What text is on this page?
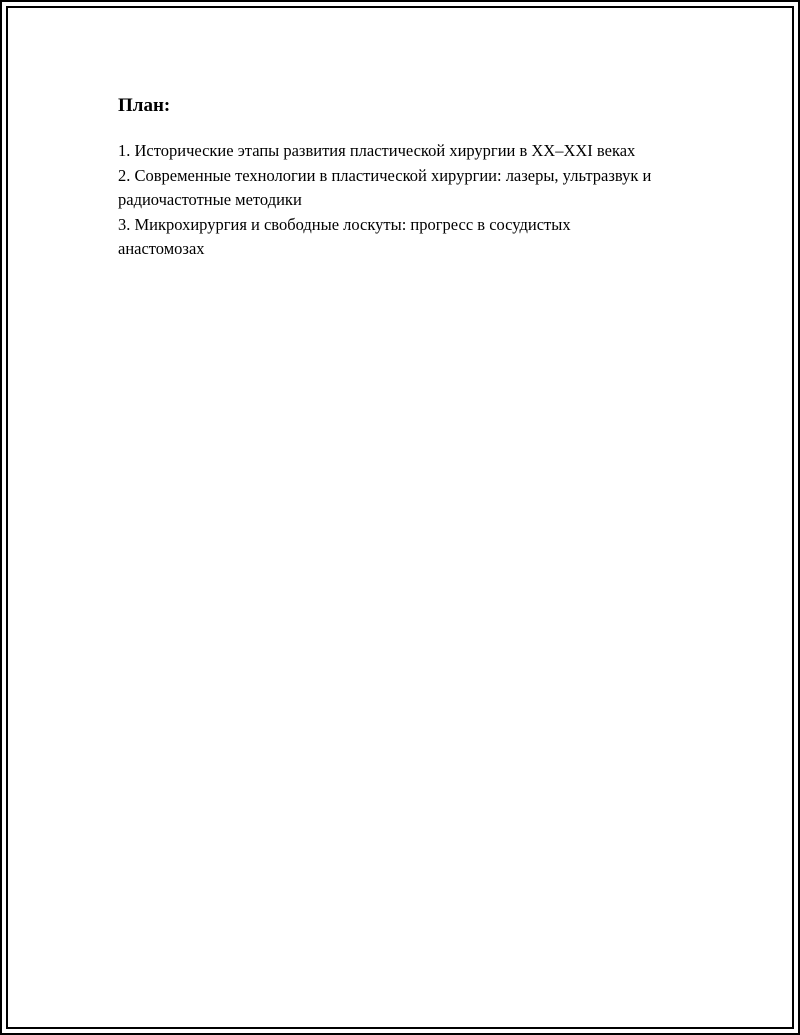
План:
1. Исторические этапы развития пластической хирургии в XX–XXI веках
2. Современные технологии в пластической хирургии: лазеры, ультразвук и радиочастотные методики
3. Микрохирургия и свободные лоскуты: прогресс в сосудистых анастомозах
